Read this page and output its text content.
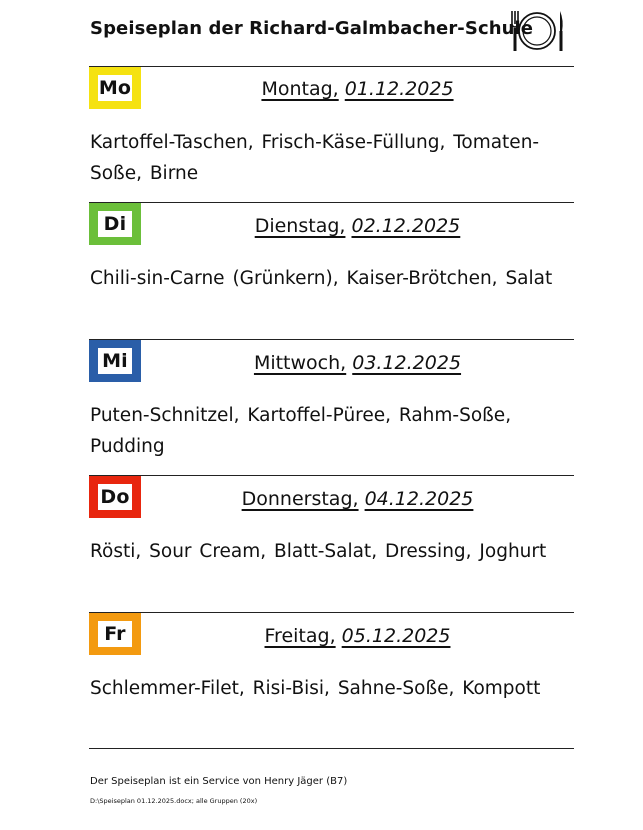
Speiseplan der Richard-Galmbacher-Schule
Mo	Montag, 01.12.2025
Kartoffel-Taschen, Frisch-Käse-Füllung, Tomaten-Soße, Birne
Di	Dienstag, 02.12.2025
Chili-sin-Carne (Grünkern), Kaiser-Brötchen, Salat
Mi	Mittwoch, 03.12.2025
Puten-Schnitzel, Kartoffel-Püree, Rahm-Soße, Pudding
Do	Donnerstag, 04.12.2025
Rösti, Sour Cream, Blatt-Salat, Dressing, Joghurt
Fr	Freitag, 05.12.2025
Schlemmer-Filet, Risi-Bisi, Sahne-Soße, Kompott
Der Speiseplan ist ein Service von Henry Jäger (B7)
D:\Speiseplan 01.12.2025.docx; alle Gruppen (20x)
